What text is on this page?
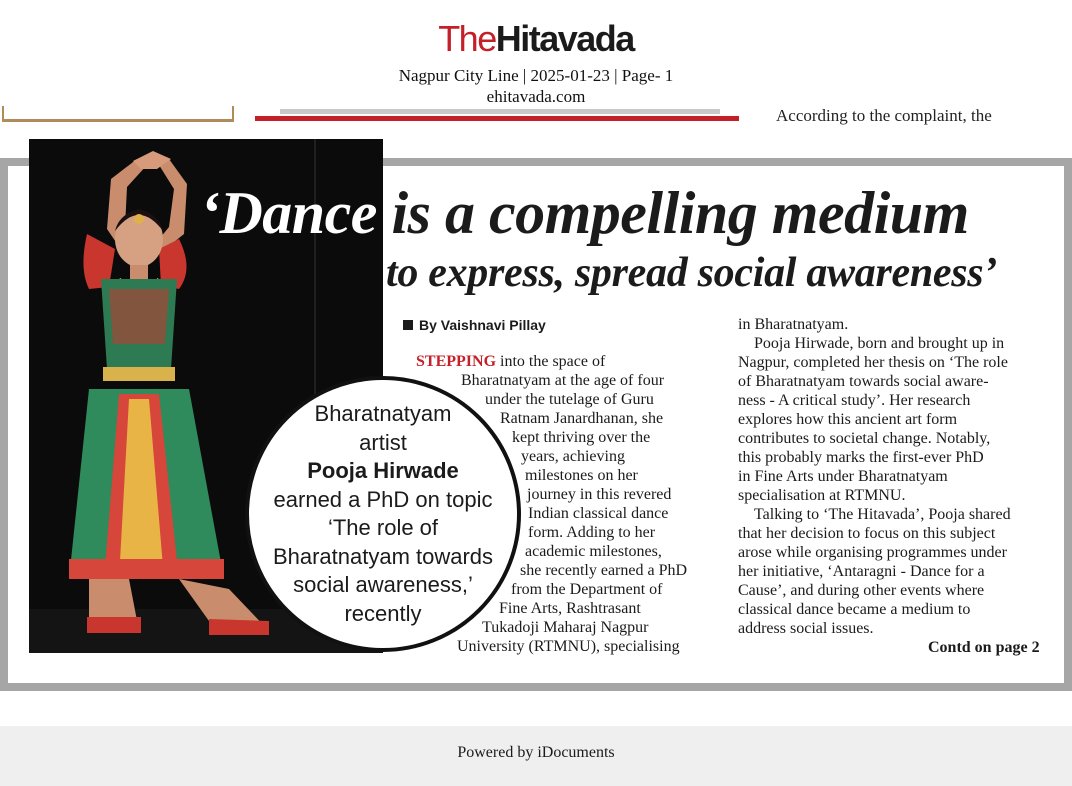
TheHitavada
Nagpur City Line | 2025-01-23 | Page- 1
ehitavada.com
According to the complaint, the
‘Dance is a compelling medium
to express, spread social awareness’
By Vaishnavi Pillay
STEPPING into the space of
Bharatnatyam at the age of four
under the tutelage of Guru
Ratnam Janardhanan, she
kept thriving over the
years, achieving
milestones on her
journey in this revered
Indian classical dance
form. Adding to her
academic milestones,
she recently earned a PhD
from the Department of
Fine Arts, Rashtrasant
Tukadoji Maharaj Nagpur
University (RTMNU), specialising
in Bharatnatyam.
Pooja Hirwade, born and brought up in
Nagpur, completed her thesis on ‘The role
of Bharatnatyam towards social aware-
ness - A critical study’. Her research
explores how this ancient art form
contributes to societal change. Notably,
this probably marks the first-ever PhD
in Fine Arts under Bharatnatyam
specialisation at RTMNU.
Talking to ‘The Hitavada’, Pooja shared
that her decision to focus on this subject
arose while organising programmes under
her initiative, ‘Antaragni - Dance for a
Cause’, and during other events where
classical dance became a medium to
address social issues.
Contd on page 2
Bharatnatyam
artist
Pooja Hirwade
earned a PhD on topic
‘The role of
Bharatnatyam towards
social awareness,’
recently
Powered by iDocuments
